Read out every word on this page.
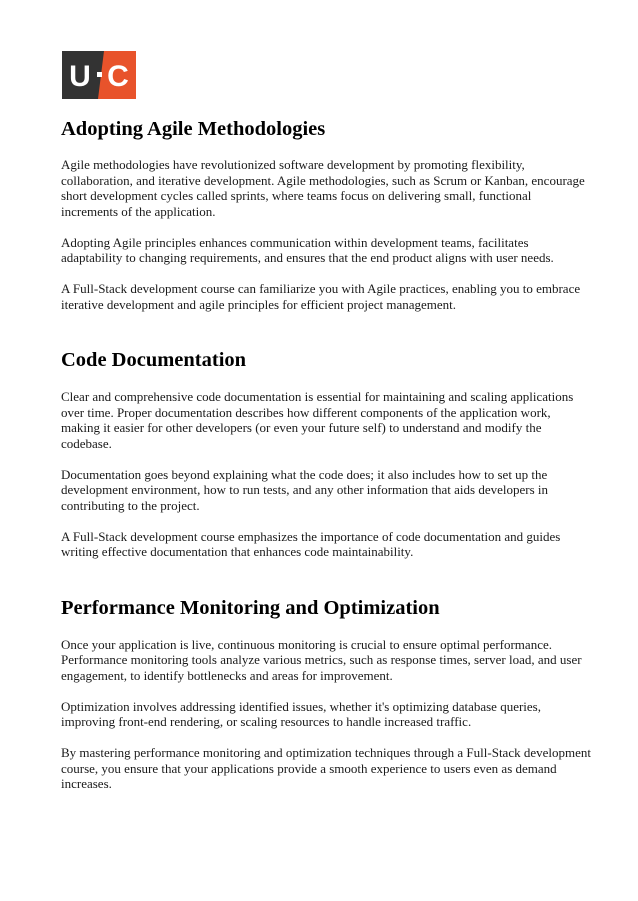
U C
Adopting Agile Methodologies

Agile methodologies have revolutionized software development by promoting flexibility, collaboration, and iterative development. Agile methodologies, such as Scrum or Kanban, encourage short development cycles called sprints, where teams focus on delivering small, functional increments of the application.

Adopting Agile principles enhances communication within development teams, facilitates adaptability to changing requirements, and ensures that the end product aligns with user needs.

A Full-Stack development course can familiarize you with Agile practices, enabling you to embrace iterative development and agile principles for efficient project management.

Code Documentation

Clear and comprehensive code documentation is essential for maintaining and scaling applications over time. Proper documentation describes how different components of the application work, making it easier for other developers (or even your future self) to understand and modify the codebase.

Documentation goes beyond explaining what the code does; it also includes how to set up the development environment, how to run tests, and any other information that aids developers in contributing to the project.

A Full-Stack development course emphasizes the importance of code documentation and guides writing effective documentation that enhances code maintainability.

Performance Monitoring and Optimization

Once your application is live, continuous monitoring is crucial to ensure optimal performance. Performance monitoring tools analyze various metrics, such as response times, server load, and user engagement, to identify bottlenecks and areas for improvement.

Optimization involves addressing identified issues, whether it's optimizing database queries, improving front-end rendering, or scaling resources to handle increased traffic.

By mastering performance monitoring and optimization techniques through a Full-Stack development course, you ensure that your applications provide a smooth experience to users even as demand increases.
